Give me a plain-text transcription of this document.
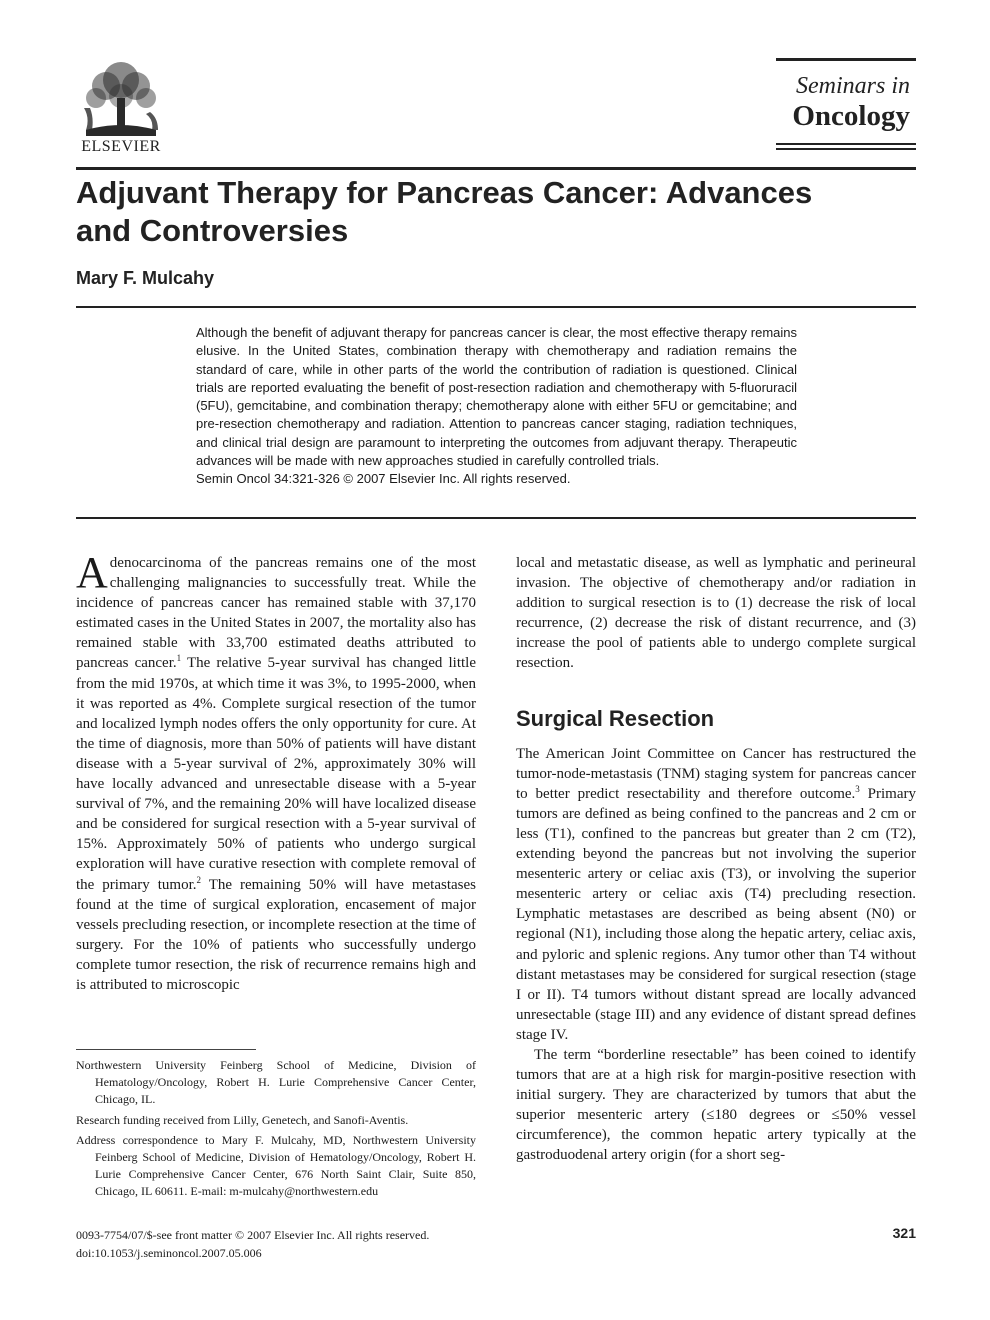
ELSEVIER
Seminars in
Oncology
Adjuvant Therapy for Pancreas Cancer: Advances and Controversies
Mary F. Mulcahy
Although the benefit of adjuvant therapy for pancreas cancer is clear, the most effective therapy remains elusive. In the United States, combination therapy with chemotherapy and radiation remains the standard of care, while in other parts of the world the contribution of radiation is questioned. Clinical trials are reported evaluating the benefit of post-resection radiation and chemotherapy with 5-fluoruracil (5FU), gemcitabine, and combination therapy; chemotherapy alone with either 5FU or gemcitabine; and pre-resection chemotherapy and radiation. Attention to pancreas cancer staging, radiation techniques, and clinical trial design are paramount to interpreting the outcomes from adjuvant therapy. Therapeutic advances will be made with new approaches studied in carefully controlled trials.
Semin Oncol 34:321-326 © 2007 Elsevier Inc. All rights reserved.

Adenocarcinoma of the pancreas remains one of the most challenging malignancies to successfully treat. While the incidence of pancreas cancer has remained stable with 37,170 estimated cases in the United States in 2007, the mortality also has remained stable with 33,700 estimated deaths attributed to pancreas cancer.$^1$ The relative 5-year survival has changed little from the mid 1970s, at which time it was 3%, to 1995-2000, when it was reported as 4%. Complete surgical resection of the tumor and localized lymph nodes offers the only opportunity for cure. At the time of diagnosis, more than 50% of patients will have distant disease with a 5-year survival of 2%, approximately 30% will have locally advanced and unresectable disease with a 5-year survival of 7%, and the remaining 20% will have localized disease and be considered for surgical resection with a 5-year survival of 15%. Approximately 50% of patients who undergo surgical exploration will have curative resection with complete removal of the primary tumor.$^2$ The remaining 50% will have metastases found at the time of surgical exploration, encasement of major vessels precluding resection, or incomplete resection at the time of surgery. For the 10% of patients who successfully undergo complete tumor resection, the risk of recurrence remains high and is attributed to microscopic

local and metastatic disease, as well as lymphatic and perineural invasion. The objective of chemotherapy and/or radiation in addition to surgical resection is to (1) decrease the risk of local recurrence, (2) decrease the risk of distant recurrence, and (3) increase the pool of patients able to undergo complete surgical resection.

Surgical Resection

The American Joint Committee on Cancer has restructured the tumor-node-metastasis (TNM) staging system for pancreas cancer to better predict resectability and therefore outcome.$^3$ Primary tumors are defined as being confined to the pancreas and 2 cm or less (T1), confined to the pancreas but greater than 2 cm (T2), extending beyond the pancreas but not involving the superior mesenteric artery or celiac axis (T3), or involving the superior mesenteric artery or celiac axis (T4) precluding resection. Lymphatic metastases are described as being absent (N0) or regional (N1), including those along the hepatic artery, celiac axis, and pyloric and splenic regions. Any tumor other than T4 without distant metastases may be considered for surgical resection (stage I or II). T4 tumors without distant spread are locally advanced unresectable (stage III) and any evidence of distant spread defines stage IV.

The term “borderline resectable” has been coined to identify tumors that are at a high risk for margin-positive resection with initial surgery. They are characterized by tumors that abut the superior mesenteric artery (≤180 degrees or ≤50% vessel circumference), the common hepatic artery typically at the gastroduodenal artery origin (for a short seg-

Northwestern University Feinberg School of Medicine, Division of Hematology/Oncology, Robert H. Lurie Comprehensive Cancer Center, Chicago, IL.

Research funding received from Lilly, Genetech, and Sanofi-Aventis.

Address correspondence to Mary F. Mulcahy, MD, Northwestern University Feinberg School of Medicine, Division of Hematology/Oncology, Robert H. Lurie Comprehensive Cancer Center, 676 North Saint Clair, Suite 850, Chicago, IL 60611. E-mail: m-mulcahy@northwestern.edu

0093-7754/07/$-see front matter © 2007 Elsevier Inc. All rights reserved.
doi:10.1053/j.seminoncol.2007.05.006
321
